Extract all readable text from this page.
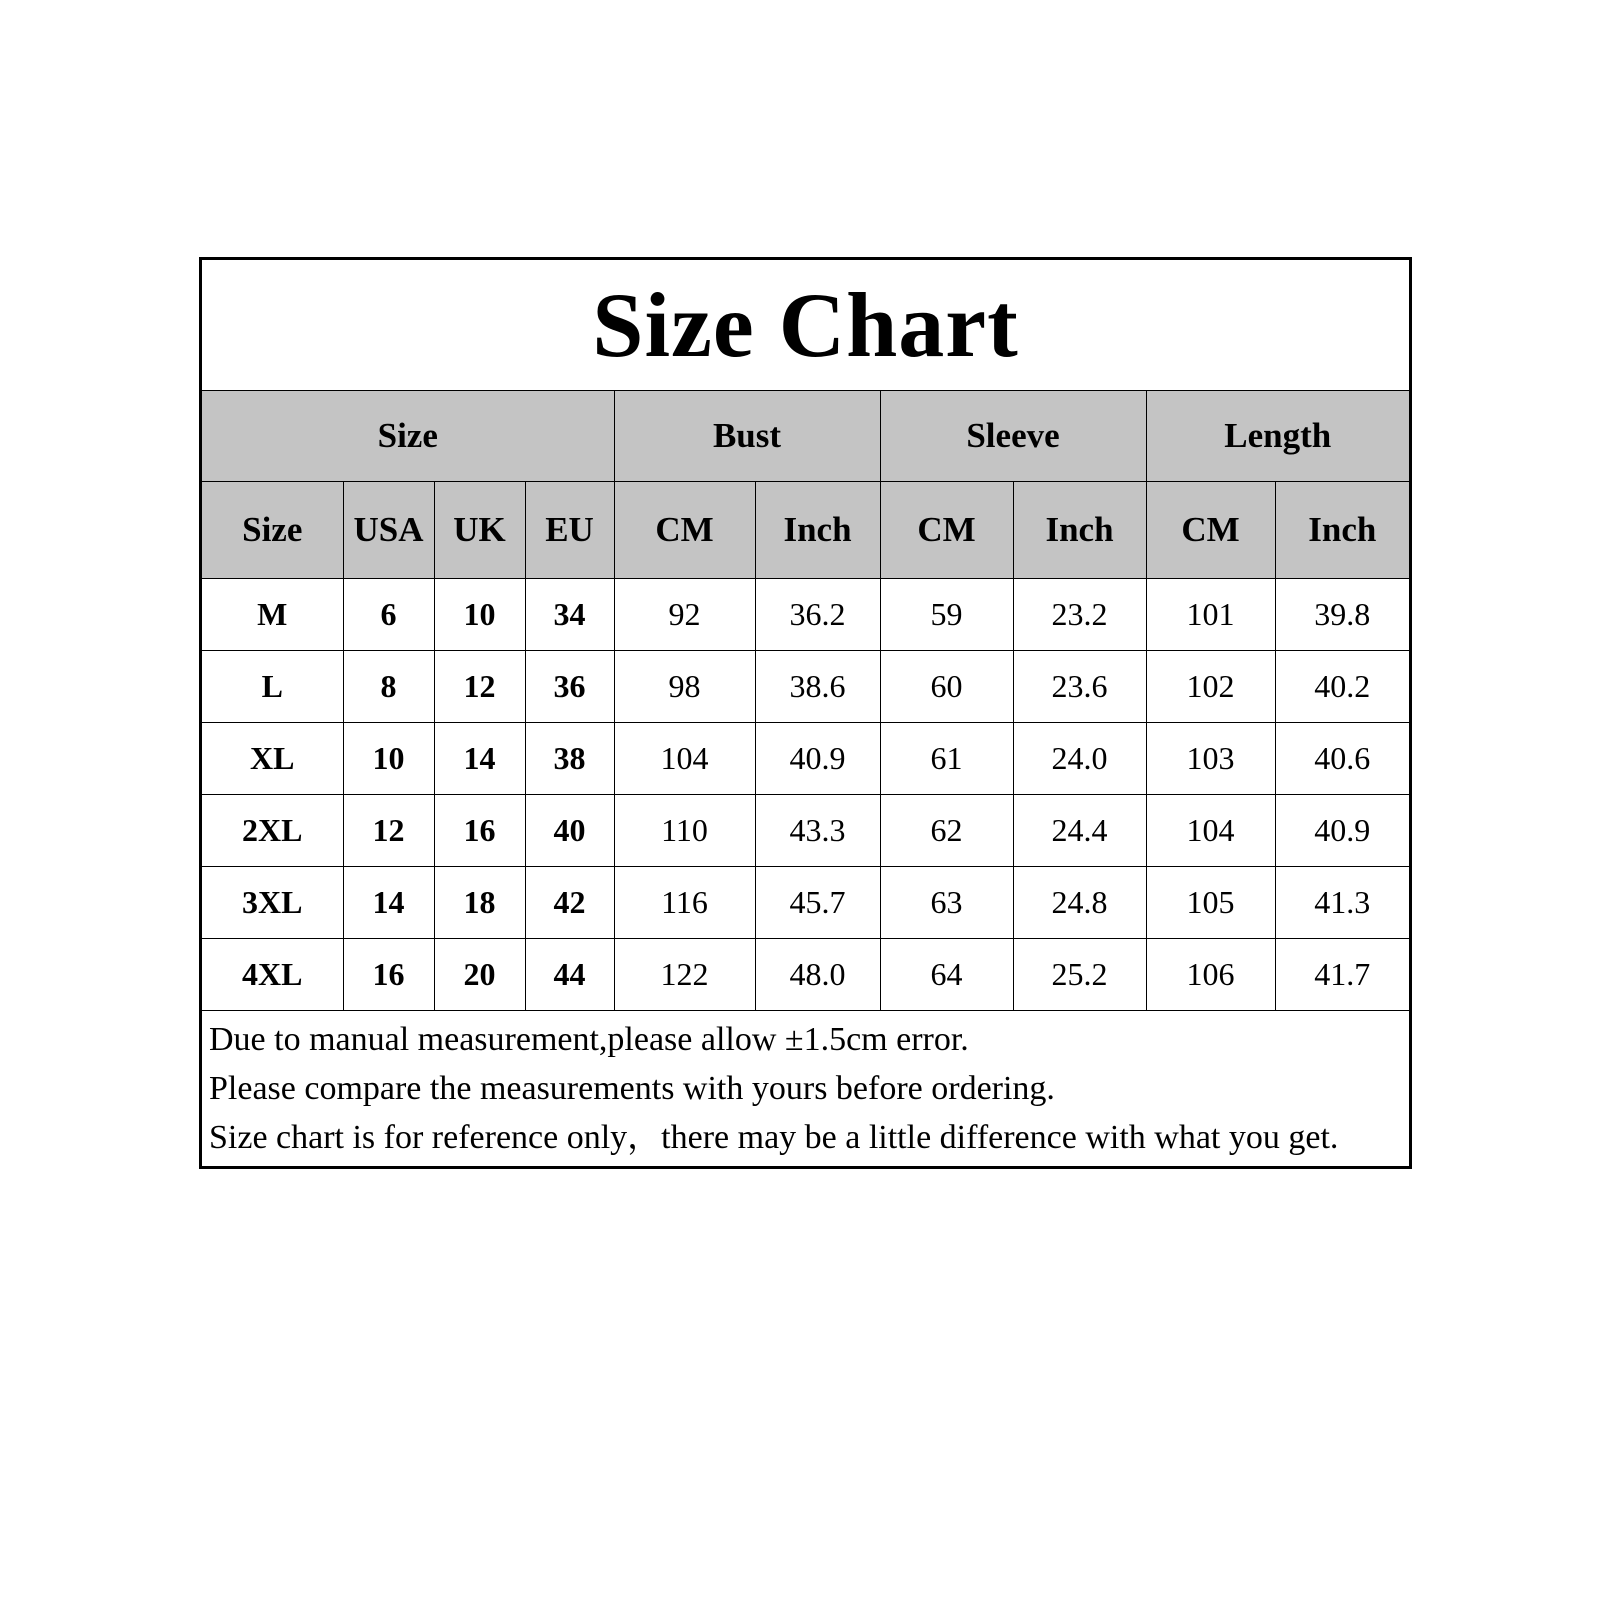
Size Chart									
Size				Bust		Sleeve		Length	
Size	USA	UK	EU	CM	Inch	CM	Inch	CM	Inch
M	6	10	34	92	36.2	59	23.2	101	39.8
L	8	12	36	98	38.6	60	23.6	102	40.2
XL	10	14	38	104	40.9	61	24.0	103	40.6
2XL	12	16	40	110	43.3	62	24.4	104	40.9
3XL	14	18	42	116	45.7	63	24.8	105	41.3
4XL	16	20	44	122	48.0	64	25.2	106	41.7

Due to manual measurement,please allow ±1.5cm error.
Please compare the measurements with yours before ordering.
Size chart is for reference only，there may be a little difference with what you get.									
